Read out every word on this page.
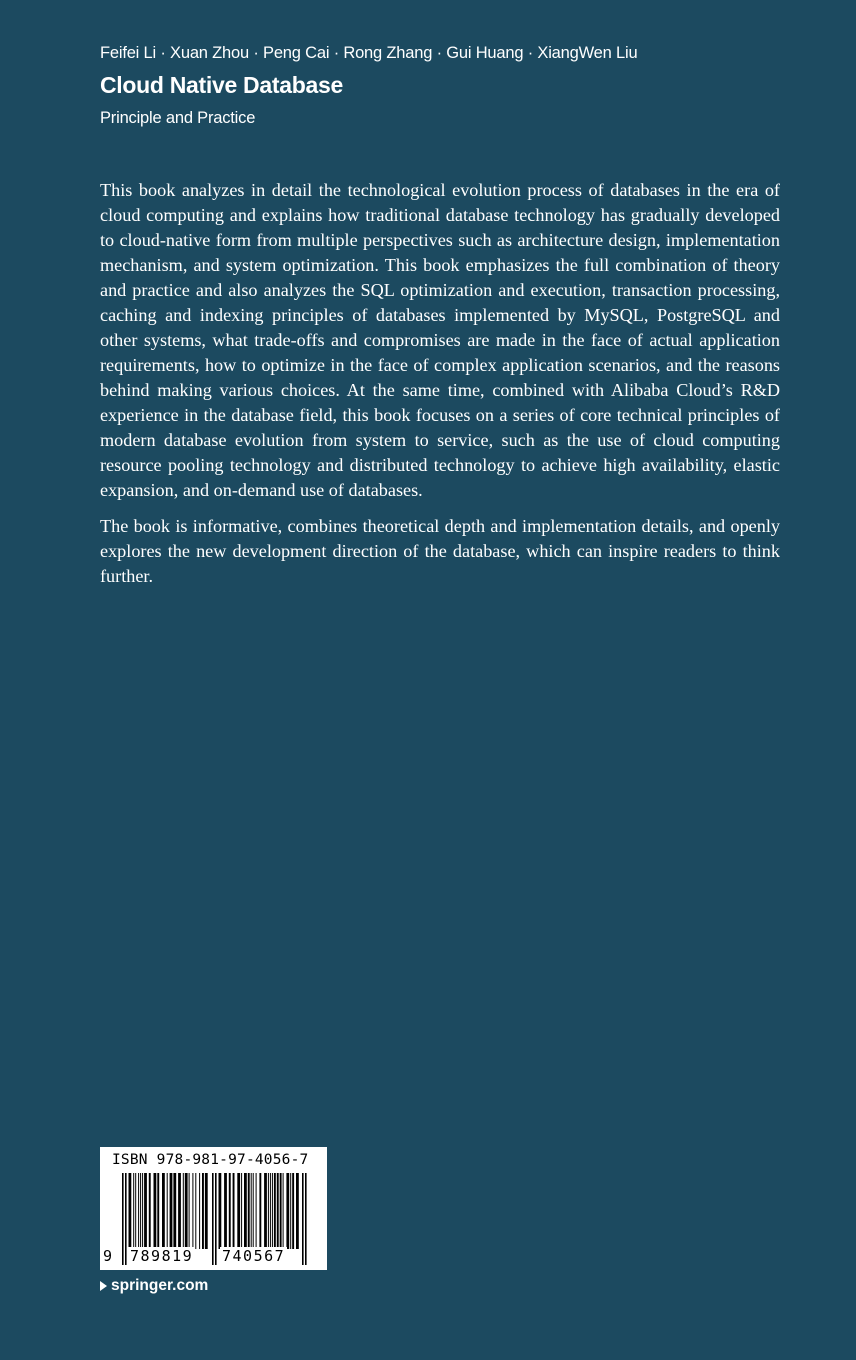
Feifei Li · Xuan Zhou · Peng Cai · Rong Zhang · Gui Huang · XiangWen Liu
Cloud Native Database
Principle and Practice

This book analyzes in detail the technological evolution process of databases in the era of cloud computing and explains how traditional database technology has gradually developed to cloud-native form from multiple perspectives such as architecture design, implementation mechanism, and system optimization. This book emphasizes the full combination of theory and practice and also analyzes the SQL optimization and execution, transaction processing, caching and indexing principles of databases implemented by MySQL, PostgreSQL and other systems, what trade-offs and compromises are made in the face of actual application requirements, how to optimize in the face of complex application scenarios, and the reasons behind making various choices. At the same time, combined with Alibaba Cloud’s R&D experience in the database field, this book focuses on a series of core technical principles of modern database evolution from system to service, such as the use of cloud computing resource pooling technology and distributed technology to achieve high availability, elastic expansion, and on-demand use of databases.

The book is informative, combines theoretical depth and implementation details, and openly explores the new development direction of the database, which can inspire readers to think further.

ISBN 978-981-97-4056-7
9 789819 740567
springer.com
